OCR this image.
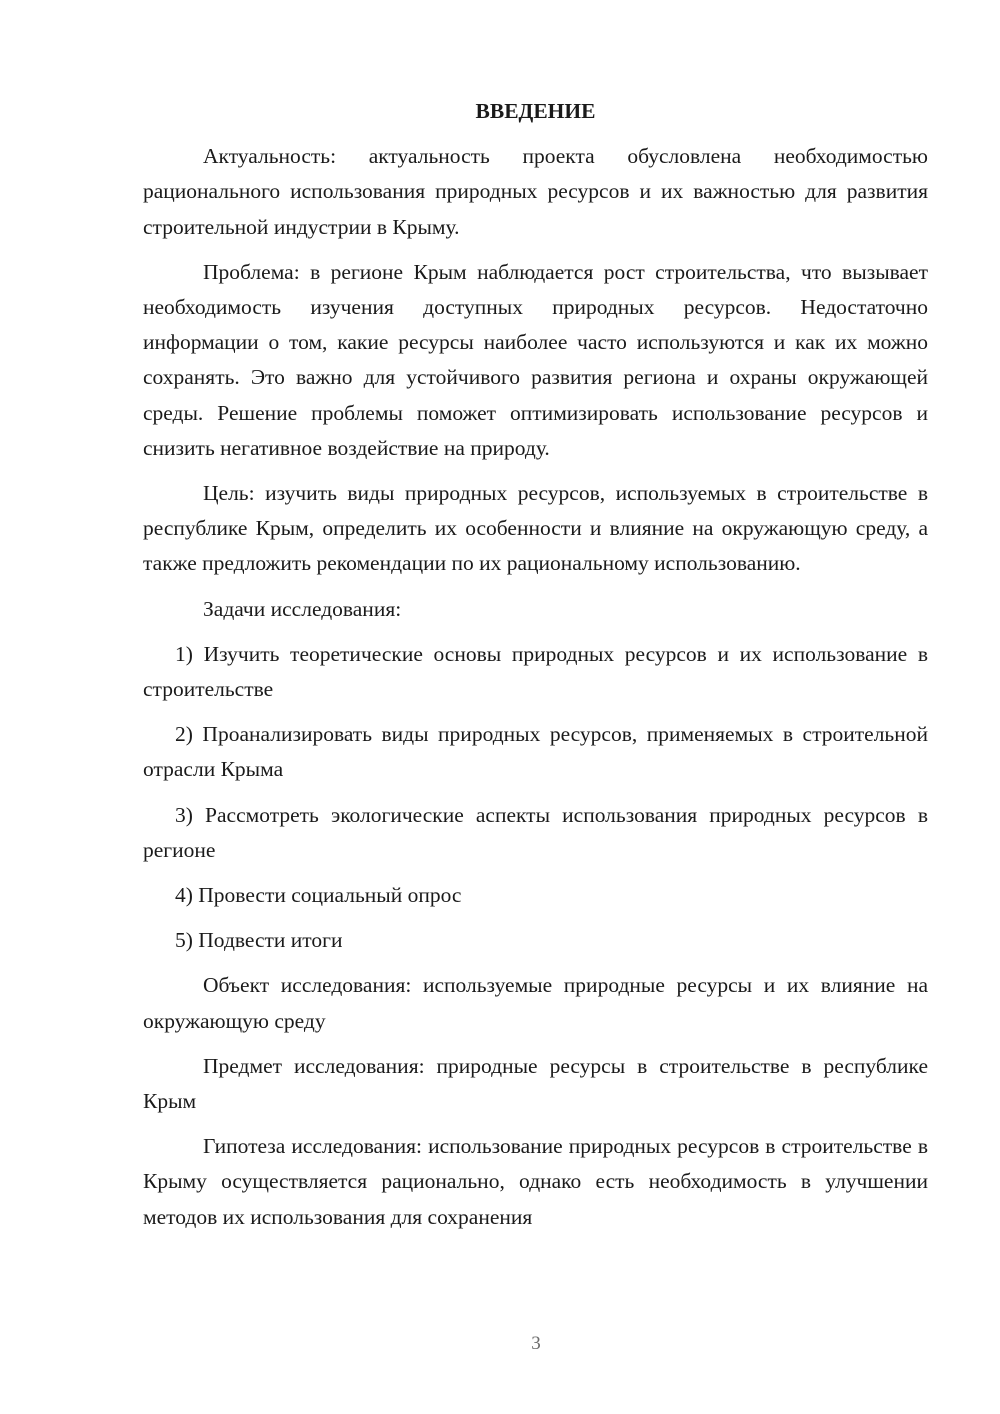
ВВЕДЕНИЕ

Актуальность: актуальность проекта обусловлена необходимостью рационального использования природных ресурсов и их важностью для развития строительной индустрии в Крыму.

Проблема: в регионе Крым наблюдается рост строительства, что вызывает необходимость изучения доступных природных ресурсов. Недостаточно информации о том, какие ресурсы наиболее часто используются и как их можно сохранять. Это важно для устойчивого развития региона и охраны окружающей среды. Решение проблемы поможет оптимизировать использование ресурсов и снизить негативное воздействие на природу.

Цель: изучить виды природных ресурсов, используемых в строительстве в республике Крым, определить их особенности и влияние на окружающую среду, а также предложить рекомендации по их рациональному использованию.

Задачи исследования:

1) Изучить теоретические основы природных ресурсов и их использование в строительстве

2) Проанализировать виды природных ресурсов, применяемых в строительной отрасли Крыма

3) Рассмотреть экологические аспекты использования природных ресурсов в регионе

4) Провести социальный опрос

5) Подвести итоги

Объект исследования: используемые природные ресурсы и их влияние на окружающую среду

Предмет исследования: природные ресурсы в строительстве в республике Крым

Гипотеза исследования: использование природных ресурсов в строительстве в Крыму осуществляется рационально, однако есть необходимость в улучшении методов их использования для сохранения

3
